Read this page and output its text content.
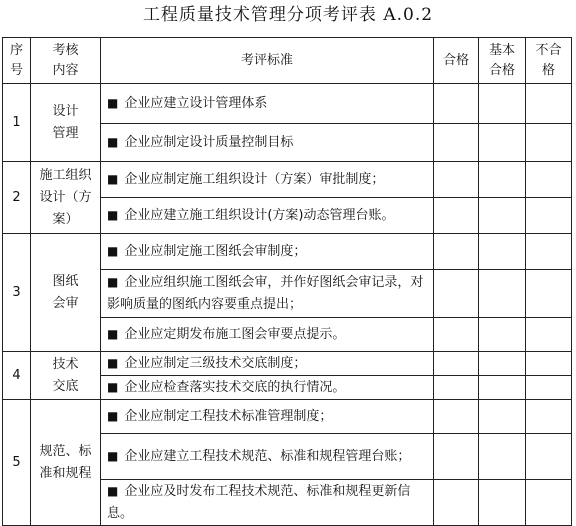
工程质量技术管理分项考评表 A.0.2
序号	考核内容	考评标准	合格	基本合格	不合格

1	设计管理	■ 企业应建立设计管理体系			
		■ 企业应制定设计质量控制目标			
2	施工组织设计（方案）	■ 企业应制定施工组织设计（方案）审批制度；			
		■ 企业应建立施工组织设计(方案)动态管理台账。			
3	图纸会审	■ 企业应制定施工图纸会审制度；			
		■ 企业应组织施工图纸会审，并作好图纸会审记录，对影响质量的图纸内容要重点提出；			
		■ 企业应定期发布施工图会审要点提示。			
4	技术交底	■ 企业应制定三级技术交底制度；			
		■ 企业应检查落实技术交底的执行情况。			
5	规范、标准和规程	■ 企业应制定工程技术标准管理制度；			
		■ 企业应建立工程技术规范、标准和规程管理台账；			
		■ 企业应及时发布工程技术规范、标准和规程更新信息。			
